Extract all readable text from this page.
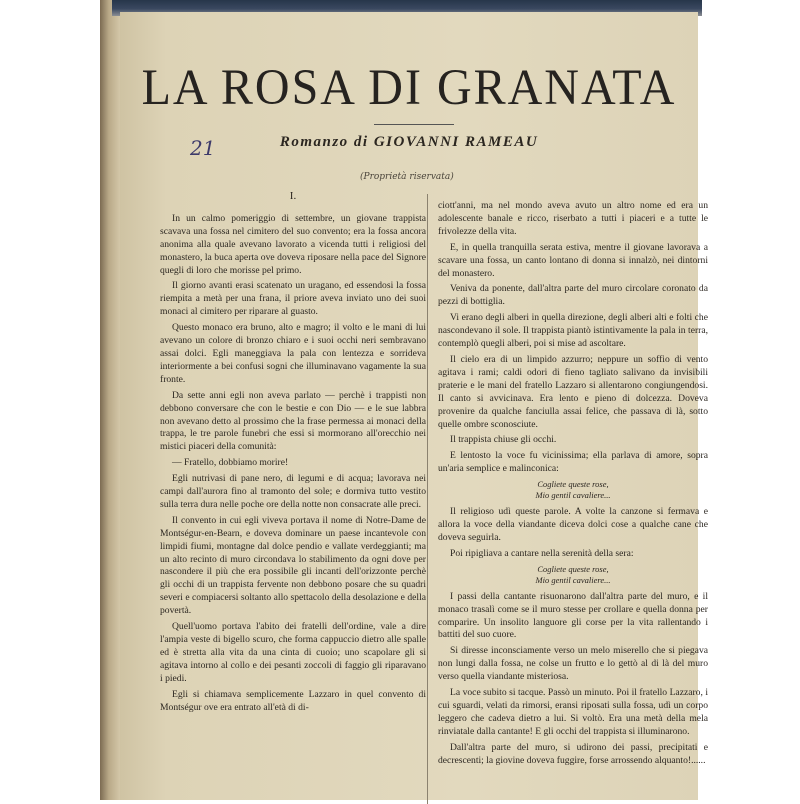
LA ROSA DI GRANATA
Romanzo di GIOVANNI RAMEAU
(Proprietà riservata)
21

I.

In un calmo pomeriggio di settembre, un giovane trappista scavava una fossa nel cimitero del suo convento; era la fossa ancora anonima alla quale avevano lavorato a vicenda tutti i religiosi del monastero, la buca aperta ove doveva riposare nella pace del Signore quegli di loro che morisse pel primo.

Il giorno avanti erasi scatenato un uragano, ed essendosi la fossa riempita a metà per una frana, il priore aveva inviato uno dei suoi monaci al cimitero per riparare al guasto.

Questo monaco era bruno, alto e magro; il volto e le mani di lui avevano un colore di bronzo chiaro e i suoi occhi neri sembravano assai dolci. Egli maneggiava la pala con lentezza e sorrideva interiormente a bei confusi sogni che illuminavano vagamente la sua fronte.

Da sette anni egli non aveva parlato — perchè i trappisti non debbono conversare che con le bestie e con Dio — e le sue labbra non avevano detto al prossimo che la frase permessa ai monaci della trappa, le tre parole funebri che essi si mormorano all'orecchio nei mistici piaceri della comunità:

— Fratello, dobbiamo morire!

Egli nutrivasi di pane nero, di legumi e di acqua; lavorava nei campi dall'aurora fino al tramonto del sole; e dormiva tutto vestito sulla terra dura nelle poche ore della notte non consacrate alle preci.

Il convento in cui egli viveva portava il nome di Notre-Dame de Montségur-en-Bearn, e doveva dominare un paese incantevole con limpidi fiumi, montagne dal dolce pendio e vallate verdeggianti; ma un alto recinto di muro circondava lo stabilimento da ogni dove per nascondere il più che era possibile gli incanti dell'orizzonte perchè gli occhi di un trappista fervente non debbono posare che su quadri severi e compiacersi soltanto allo spettacolo della desolazione e della povertà.

Quell'uomo portava l'abito dei fratelli dell'ordine, vale a dire l'ampia veste di bigello scuro, che forma cappuccio dietro alle spalle ed è stretta alla vita da una cinta di cuoio; uno scapolare gli si agitava intorno al collo e dei pesanti zoccoli di faggio gli riparavano i piedi.

Egli si chiamava semplicemente Lazzaro in quel convento di Montségur ove era entrato all'età di di-

ciott'anni, ma nel mondo aveva avuto un altro nome ed era un adolescente banale e ricco, riserbato a tutti i piaceri e a tutte le frivolezze della vita.

E, in quella tranquilla serata estiva, mentre il giovane lavorava a scavare una fossa, un canto lontano di donna si innalzò, nei dintorni del monastero.

Veniva da ponente, dall'altra parte del muro circolare coronato da pezzi di bottiglia.

Vi erano degli alberi in quella direzione, degli alberi alti e folti che nascondevano il sole. Il trappista piantò istintivamente la pala in terra, contemplò quegli alberi, poi si mise ad ascoltare.

Il cielo era di un limpido azzurro; neppure un soffio di vento agitava i rami; caldi odori di fieno tagliato salivano da invisibili praterie e le mani del fratello Lazzaro si allentarono congiungendosi. Il canto si avvicinava. Era lento e pieno di dolcezza. Doveva provenire da qualche fanciulla assai felice, che passava di là, sotto quelle ombre sconosciute.

Il trappista chiuse gli occhi.

E lentosto la voce fu vicinissima; ella parlava di amore, sopra un'aria semplice e malinconica:

Cogliete queste rose,
Mio gentil cavaliere...

Il religioso udì queste parole. A volte la canzone si fermava e allora la voce della viandante diceva dolci cose a qualche cane che doveva seguirla.

Poi ripigliava a cantare nella serenità della sera:

Cogliete queste rose,
Mio gentil cavaliere...

I passi della cantante risuonarono dall'altra parte del muro, e il monaco trasalì come se il muro stesse per crollare e quella donna per comparire. Un insolito languore gli corse per la vita rallentando i battiti del suo cuore.

Si diresse inconsciamente verso un melo miserello che si piegava non lungi dalla fossa, ne colse un frutto e lo gettò al di là del muro verso quella viandante misteriosa.

La voce subito si tacque. Passò un minuto. Poi il fratello Lazzaro, i cui sguardi, velati da rimorsi, eransi riposati sulla fossa, udì un corpo leggero che cadeva dietro a lui. Si voltò. Era una metà della mela rinviatale dalla cantante! E gli occhi del trappista si illuminarono.

Dall'altra parte del muro, si udirono dei passi, precipitati e decrescenti; la giovine doveva fuggire, forse arrossendo alquanto!......
